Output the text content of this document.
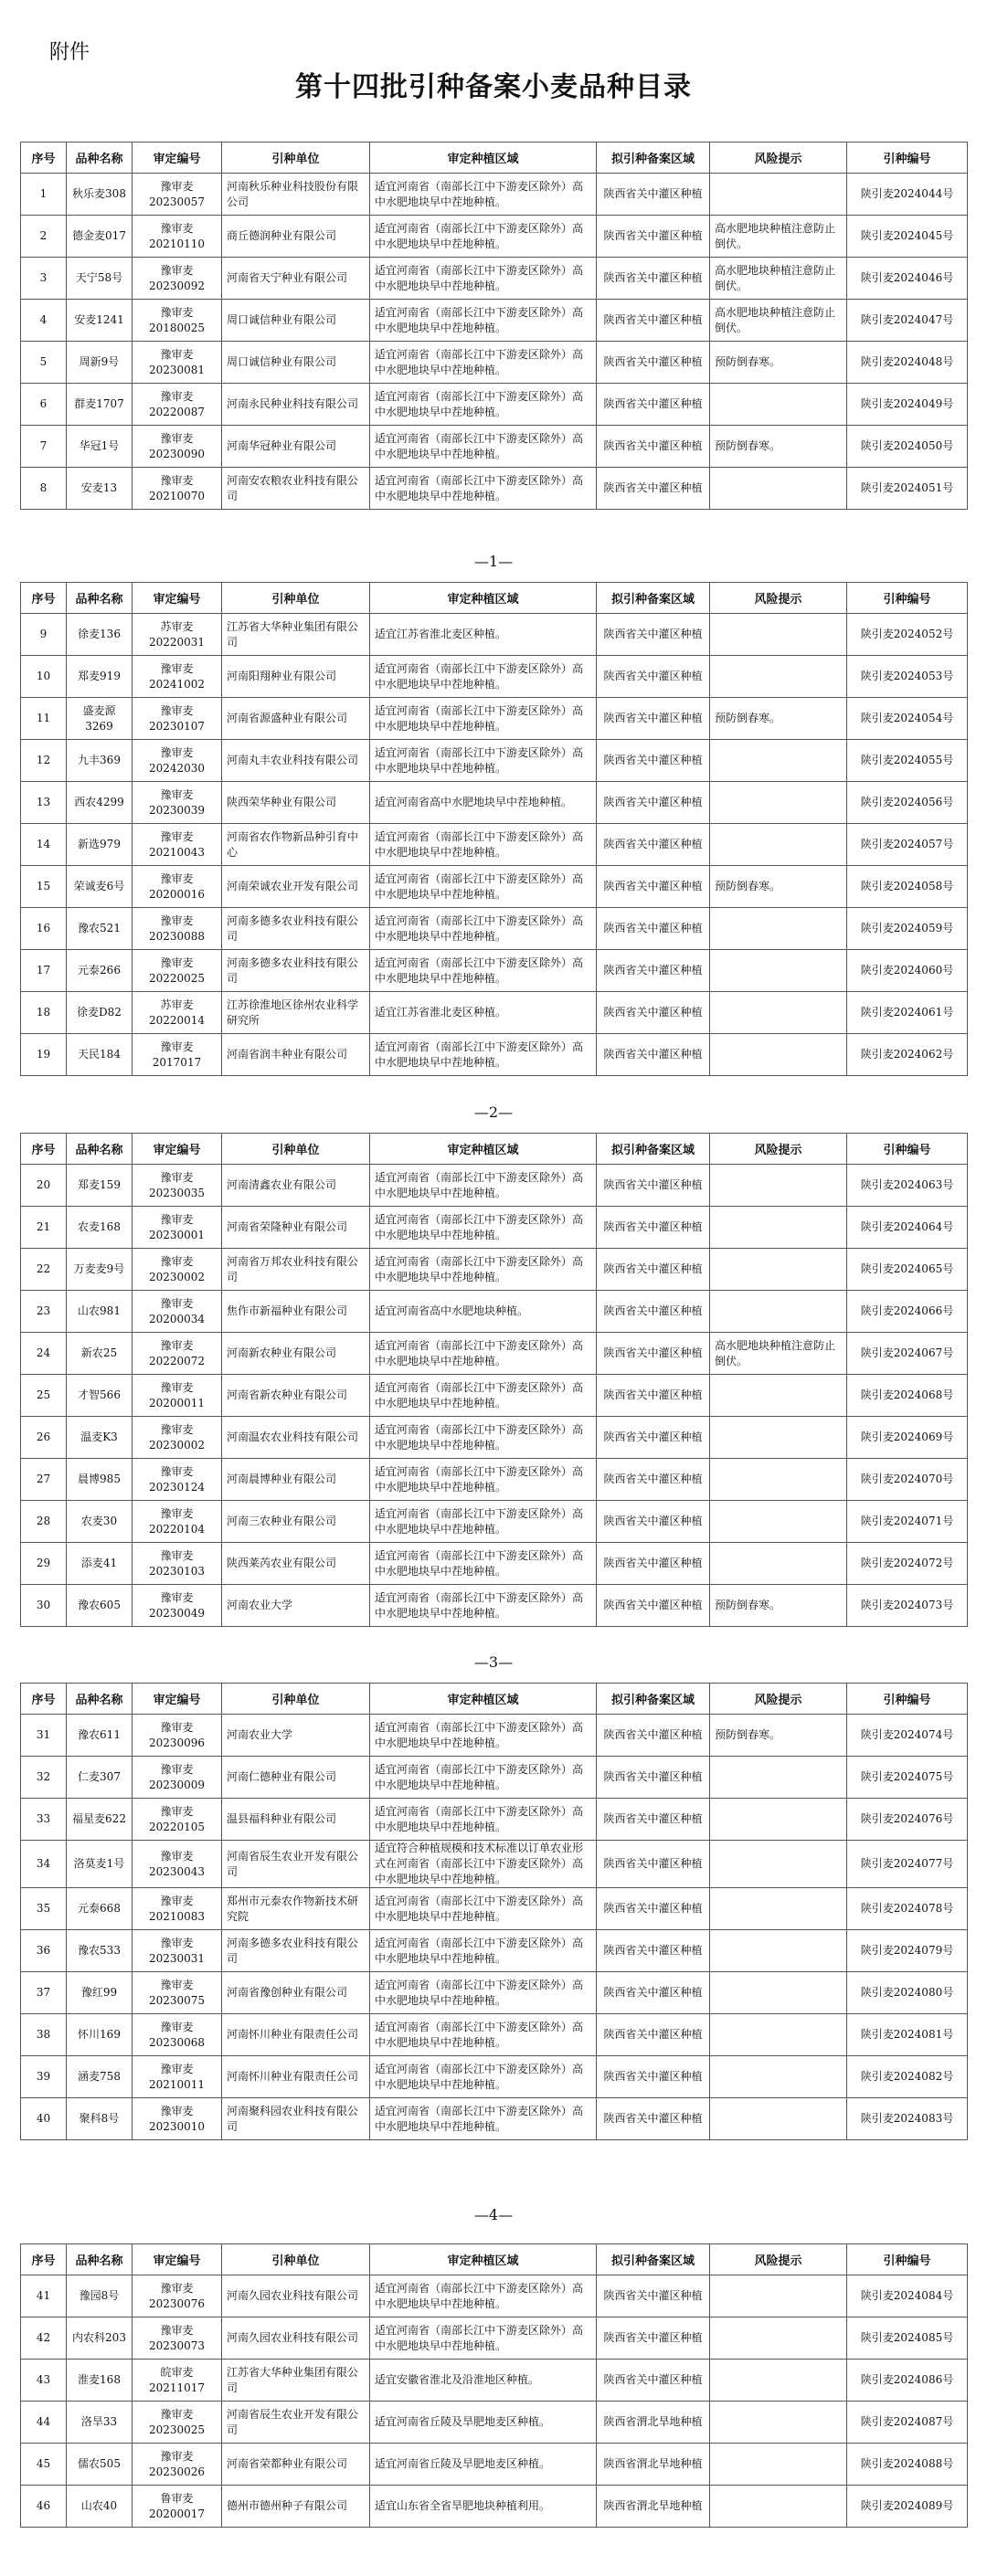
附件
第十四批引种备案小麦品种目录
序号	品种名称	审定编号	引种单位	审定种植区域	拟引种备案区域	风险提示	引种编号
1	秋乐麦308	豫审麦20230057	河南秋乐种业科技股份有限公司	适宜河南省（南部长江中下游麦区除外）高中水肥地块早中茬地种植。	陕西省关中灌区种植		陕引麦2024044号
2	德金麦017	豫审麦20210110	商丘德润种业有限公司	适宜河南省（南部长江中下游麦区除外）高中水肥地块早中茬地种植。	陕西省关中灌区种植	高水肥地块种植注意防止倒伏。	陕引麦2024045号
3	天宁58号	豫审麦20230092	河南省天宁种业有限公司	适宜河南省（南部长江中下游麦区除外）高中水肥地块早中茬地种植。	陕西省关中灌区种植	高水肥地块种植注意防止倒伏。	陕引麦2024046号
4	安麦1241	豫审麦20180025	周口诚信种业有限公司	适宜河南省（南部长江中下游麦区除外）高中水肥地块早中茬地种植。	陕西省关中灌区种植	高水肥地块种植注意防止倒伏。	陕引麦2024047号
5	周新9号	豫审麦20230081	周口诚信种业有限公司	适宜河南省（南部长江中下游麦区除外）高中水肥地块早中茬地种植。	陕西省关中灌区种植	预防倒春寒。	陕引麦2024048号
6	群麦1707	豫审麦20220087	河南永民种业科技有限公司	适宜河南省（南部长江中下游麦区除外）高中水肥地块早中茬地种植。	陕西省关中灌区种植		陕引麦2024049号
7	华冠1号	豫审麦20230090	河南华冠种业有限公司	适宜河南省（南部长江中下游麦区除外）高中水肥地块早中茬地种植。	陕西省关中灌区种植	预防倒春寒。	陕引麦2024050号
8	安麦13	豫审麦20210070	河南安农粮农业科技有限公司	适宜河南省（南部长江中下游麦区除外）高中水肥地块早中茬地种植。	陕西省关中灌区种植		陕引麦2024051号
—1—
序号	品种名称	审定编号	引种单位	审定种植区域	拟引种备案区域	风险提示	引种编号
9	徐麦136	苏审麦20220031	江苏省大华种业集团有限公司	适宜江苏省淮北麦区种植。	陕西省关中灌区种植		陕引麦2024052号
10	郑麦919	豫审麦20241002	河南阳翔种业有限公司	适宜河南省（南部长江中下游麦区除外）高中水肥地块早中茬地种植。	陕西省关中灌区种植		陕引麦2024053号
11	盛麦源3269	豫审麦20230107	河南省源盛种业有限公司	适宜河南省（南部长江中下游麦区除外）高中水肥地块早中茬地种植。	陕西省关中灌区种植	预防倒春寒。	陕引麦2024054号
12	九丰369	豫审麦20242030	河南丸丰农业科技有限公司	适宜河南省（南部长江中下游麦区除外）高中水肥地块早中茬地种植。	陕西省关中灌区种植		陕引麦2024055号
13	西农4299	豫审麦20230039	陕西荣华种业有限公司	适宜河南省高中水肥地块早中茬地种植。	陕西省关中灌区种植		陕引麦2024056号
14	新选979	豫审麦20210043	河南省农作物新品种引育中心	适宜河南省（南部长江中下游麦区除外）高中水肥地块早中茬地种植。	陕西省关中灌区种植		陕引麦2024057号
15	荣诚麦6号	豫审麦20200016	河南荣诚农业开发有限公司	适宜河南省（南部长江中下游麦区除外）高中水肥地块早中茬地种植。	陕西省关中灌区种植	预防倒春寒。	陕引麦2024058号
16	豫农521	豫审麦20230088	河南多德多农业科技有限公司	适宜河南省（南部长江中下游麦区除外）高中水肥地块早中茬地种植。	陕西省关中灌区种植		陕引麦2024059号
17	元泰266	豫审麦20220025	河南多德多农业科技有限公司	适宜河南省（南部长江中下游麦区除外）高中水肥地块早中茬地种植。	陕西省关中灌区种植		陕引麦2024060号
18	徐麦D82	苏审麦20220014	江苏徐淮地区徐州农业科学研究所	适宜江苏省淮北麦区种植。	陕西省关中灌区种植		陕引麦2024061号
19	天民184	豫审麦2017017	河南省润丰种业有限公司	适宜河南省（南部长江中下游麦区除外）高中水肥地块早中茬地种植。	陕西省关中灌区种植		陕引麦2024062号
—2—
序号	品种名称	审定编号	引种单位	审定种植区域	拟引种备案区域	风险提示	引种编号
20	郑麦159	豫审麦20230035	河南清鑫农业有限公司	适宜河南省（南部长江中下游麦区除外）高中水肥地块早中茬地种植。	陕西省关中灌区种植		陕引麦2024063号
21	农麦168	豫审麦20230001	河南省荣隆种业有限公司	适宜河南省（南部长江中下游麦区除外）高中水肥地块早中茬地种植。	陕西省关中灌区种植		陕引麦2024064号
22	万麦麦9号	豫审麦20230002	河南省万邦农业科技有限公司	适宜河南省（南部长江中下游麦区除外）高中水肥地块早中茬地种植。	陕西省关中灌区种植		陕引麦2024065号
23	山农981	豫审麦20200034	焦作市新福种业有限公司	适宜河南省高中水肥地块种植。	陕西省关中灌区种植		陕引麦2024066号
24	新农25	豫审麦20220072	河南新农种业有限公司	适宜河南省（南部长江中下游麦区除外）高中水肥地块早中茬地种植。	陕西省关中灌区种植	高水肥地块种植注意防止倒伏。	陕引麦2024067号
25	才智566	豫审麦20200011	河南省新农种业有限公司	适宜河南省（南部长江中下游麦区除外）高中水肥地块早中茬地种植。	陕西省关中灌区种植		陕引麦2024068号
26	温麦K3	豫审麦20230002	河南温农农业科技有限公司	适宜河南省（南部长江中下游麦区除外）高中水肥地块早中茬地种植。	陕西省关中灌区种植		陕引麦2024069号
27	晨博985	豫审麦20230124	河南晨博种业有限公司	适宜河南省（南部长江中下游麦区除外）高中水肥地块早中茬地种植。	陕西省关中灌区种植		陕引麦2024070号
28	农麦30	豫审麦20220104	河南三农种业有限公司	适宜河南省（南部长江中下游麦区除外）高中水肥地块早中茬地种植。	陕西省关中灌区种植		陕引麦2024071号
29	添麦41	豫审麦20230103	陕西莱芮农业有限公司	适宜河南省（南部长江中下游麦区除外）高中水肥地块早中茬地种植。	陕西省关中灌区种植		陕引麦2024072号
30	豫农605	豫审麦20230049	河南农业大学	适宜河南省（南部长江中下游麦区除外）高中水肥地块早中茬地种植。	陕西省关中灌区种植	预防倒春寒。	陕引麦2024073号
—3—
序号	品种名称	审定编号	引种单位	审定种植区域	拟引种备案区域	风险提示	引种编号
31	豫农611	豫审麦20230096	河南农业大学	适宜河南省（南部长江中下游麦区除外）高中水肥地块早中茬地种植。	陕西省关中灌区种植	预防倒春寒。	陕引麦2024074号
32	仁麦307	豫审麦20230009	河南仁德种业有限公司	适宜河南省（南部长江中下游麦区除外）高中水肥地块早中茬地种植。	陕西省关中灌区种植		陕引麦2024075号
33	福星麦622	豫审麦20220105	温县福科种业有限公司	适宜河南省（南部长江中下游麦区除外）高中水肥地块早中茬地种植。	陕西省关中灌区种植		陕引麦2024076号
34	洛莫麦1号	豫审麦20230043	河南省辰生农业开发有限公司	适宜符合种植规模和技术标准以订单农业形式在河南省（南部长江中下游麦区除外）高中水肥地块早中茬地种植。	陕西省关中灌区种植		陕引麦2024077号
35	元泰668	豫审麦20210083	郑州市元泰农作物新技术研究院	适宜河南省（南部长江中下游麦区除外）高中水肥地块早中茬地种植。	陕西省关中灌区种植		陕引麦2024078号
36	豫农533	豫审麦20230031	河南多德多农业科技有限公司	适宜河南省（南部长江中下游麦区除外）高中水肥地块早中茬地种植。	陕西省关中灌区种植		陕引麦2024079号
37	豫红99	豫审麦20230075	河南省豫创种业有限公司	适宜河南省（南部长江中下游麦区除外）高中水肥地块早中茬地种植。	陕西省关中灌区种植		陕引麦2024080号
38	怀川169	豫审麦20230068	河南怀川种业有限责任公司	适宜河南省（南部长江中下游麦区除外）高中水肥地块早中茬地种植。	陕西省关中灌区种植		陕引麦2024081号
39	涵麦758	豫审麦20210011	河南怀川种业有限责任公司	适宜河南省（南部长江中下游麦区除外）高中水肥地块早中茬地种植。	陕西省关中灌区种植		陕引麦2024082号
40	聚科8号	豫审麦20230010	河南聚科园农业科技有限公司	适宜河南省（南部长江中下游麦区除外）高中水肥地块早中茬地种植。	陕西省关中灌区种植		陕引麦2024083号
—4—
序号	品种名称	审定编号	引种单位	审定种植区域	拟引种备案区域	风险提示	引种编号
41	豫园8号	豫审麦20230076	河南久园农业科技有限公司	适宜河南省（南部长江中下游麦区除外）高中水肥地块早中茬地种植。	陕西省关中灌区种植		陕引麦2024084号
42	内农科203	豫审麦20230073	河南久园农业科技有限公司	适宜河南省（南部长江中下游麦区除外）高中水肥地块早中茬地种植。	陕西省关中灌区种植		陕引麦2024085号
43	淮麦168	皖审麦20211017	江苏省大华种业集团有限公司	适宜安徽省淮北及沿淮地区种植。	陕西省关中灌区种植		陕引麦2024086号
44	洛旱33	豫审麦20230025	河南省辰生农业开发有限公司	适宜河南省丘陵及旱肥地麦区种植。	陕西省渭北旱地种植		陕引麦2024087号
45	儒农505	豫审麦20230026	河南省荣都种业有限公司	适宜河南省丘陵及旱肥地麦区种植。	陕西省渭北旱地种植		陕引麦2024088号
46	山农40	鲁审麦20200017	德州市德州种子有限公司	适宜山东省全省旱肥地块种植利用。	陕西省渭北旱地种植		陕引麦2024089号
